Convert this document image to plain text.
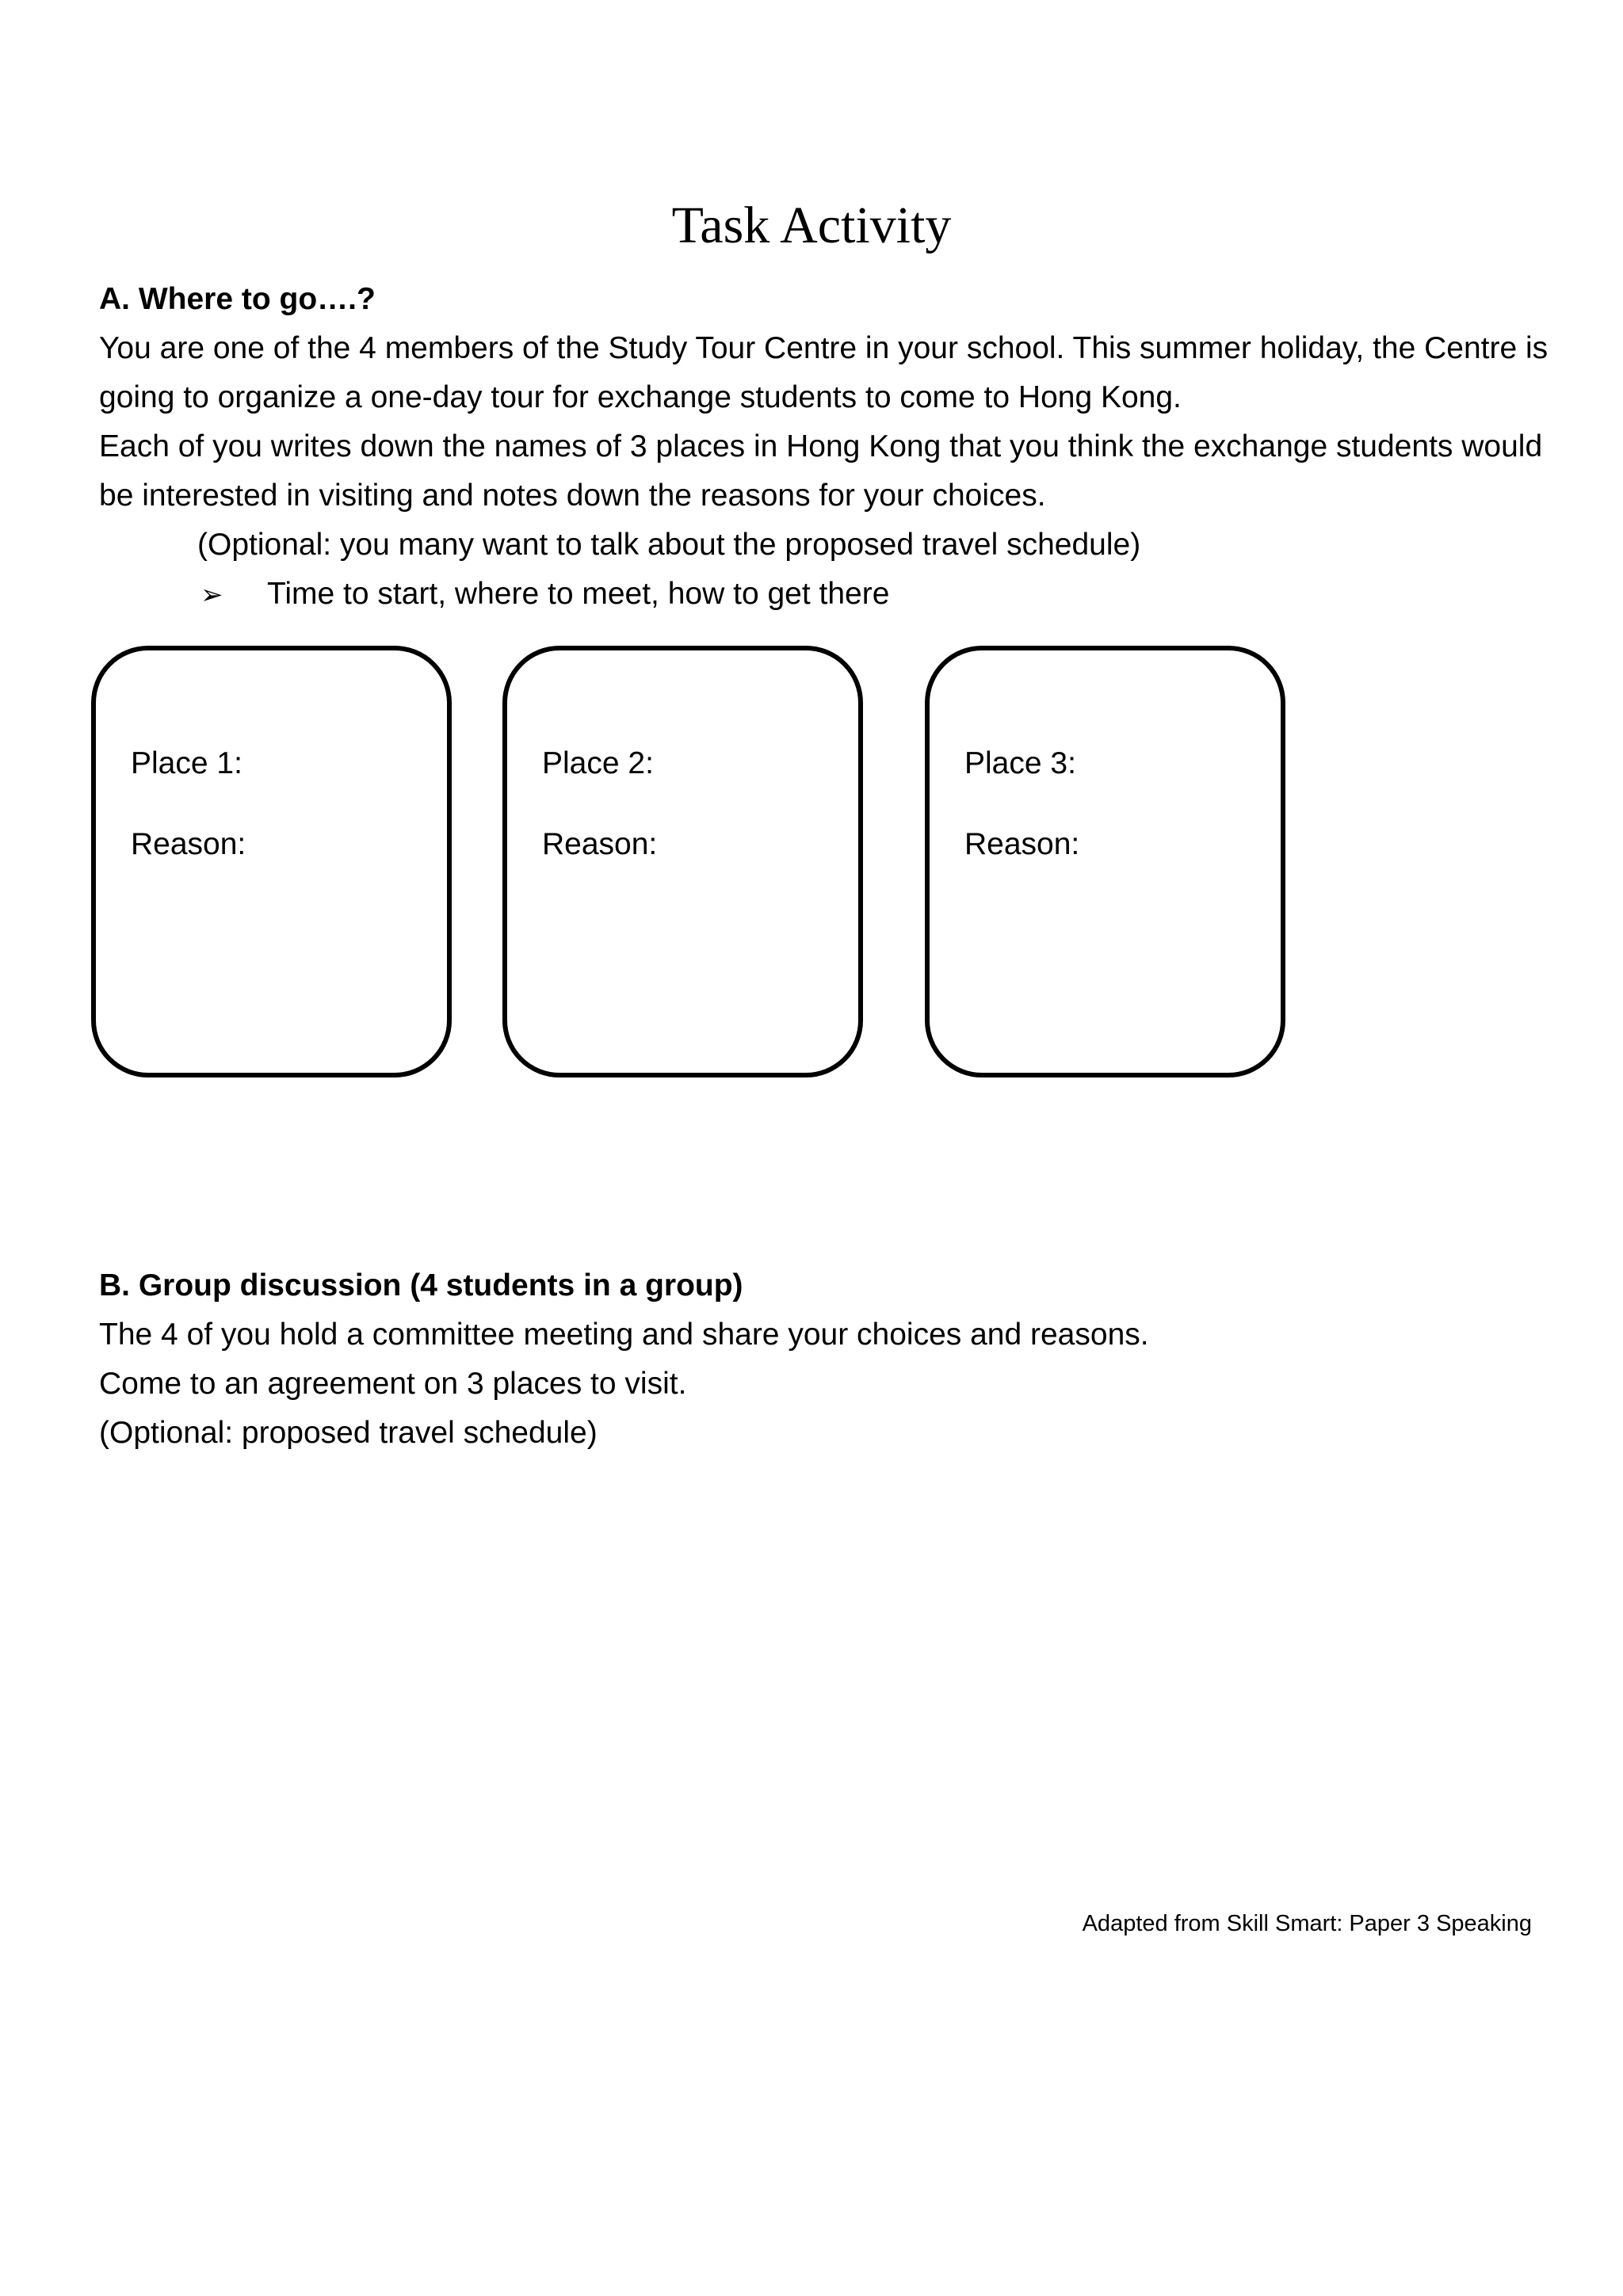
Task Activity

A. Where to go….?

You are one of the 4 members of the Study Tour Centre in your school. This summer holiday, the Centre is going to organize a one-day tour for exchange students to come to Hong Kong.

Each of you writes down the names of 3 places in Hong Kong that you think the exchange students would be interested in visiting and notes down the reasons for your choices.

(Optional: you many want to talk about the proposed travel schedule)

➢	Time to start, where to meet, how to get there
Place 1:
Reason:
Place 2:
Reason:
Place 3:
Reason:

B. Group discussion (4 students in a group)

The 4 of you hold a committee meeting and share your choices and reasons.

Come to an agreement on 3 places to visit.

(Optional: proposed travel schedule)

Adapted from Skill Smart: Paper 3 Speaking
